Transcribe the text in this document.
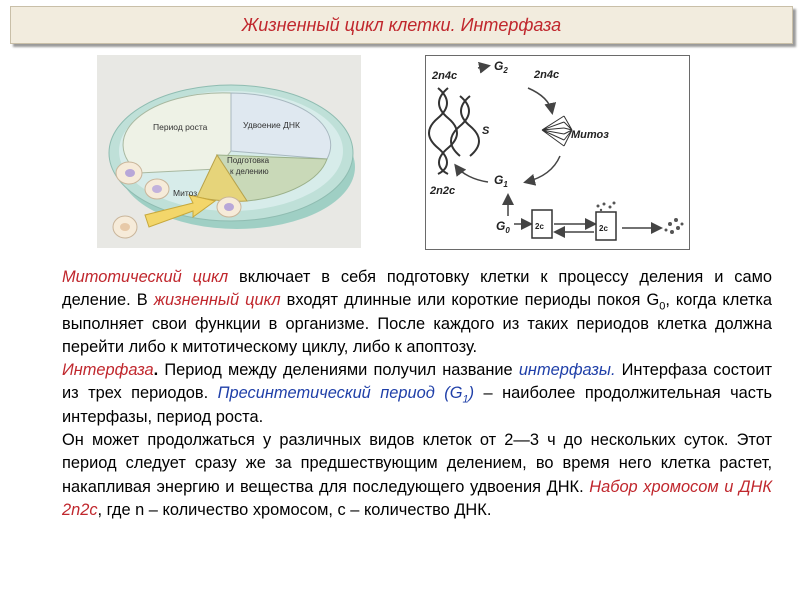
Жизненный цикл клетки. Интерфаза
Период роста	Удвоение ДНК
Подготовка
к делению
Митоз
2n4c
$G_2$ 2n4c
S	Митоз
2n2c
$G_1$
$G_0$	2c	2c

Митотический цикл включает в себя подготовку клетки к процессу деления и само деление. В жизненный цикл входят длинные или короткие периоды покоя $G_0$, когда клетка выполняет свои функции в организме. После каждого из таких периодов клетка должна перейти либо к митотическому циклу, либо к апоптозу.

Интерфаза. Период между делениями получил название интерфазы. Интерфаза состоит из трех периодов. Пресинтетический период $(G_1)$ – наиболее продолжительная часть интерфазы, период роста.

Он может продолжаться у различных видов клеток от 2—3 ч до нескольких суток. Этот период следует сразу же за предшествующим делением, во время него клетка растет, накапливая энергию и вещества для последующего удвоения ДНК. Набор хромосом и ДНК 2n2c, где n – количество хромосом, с – количество ДНК.
